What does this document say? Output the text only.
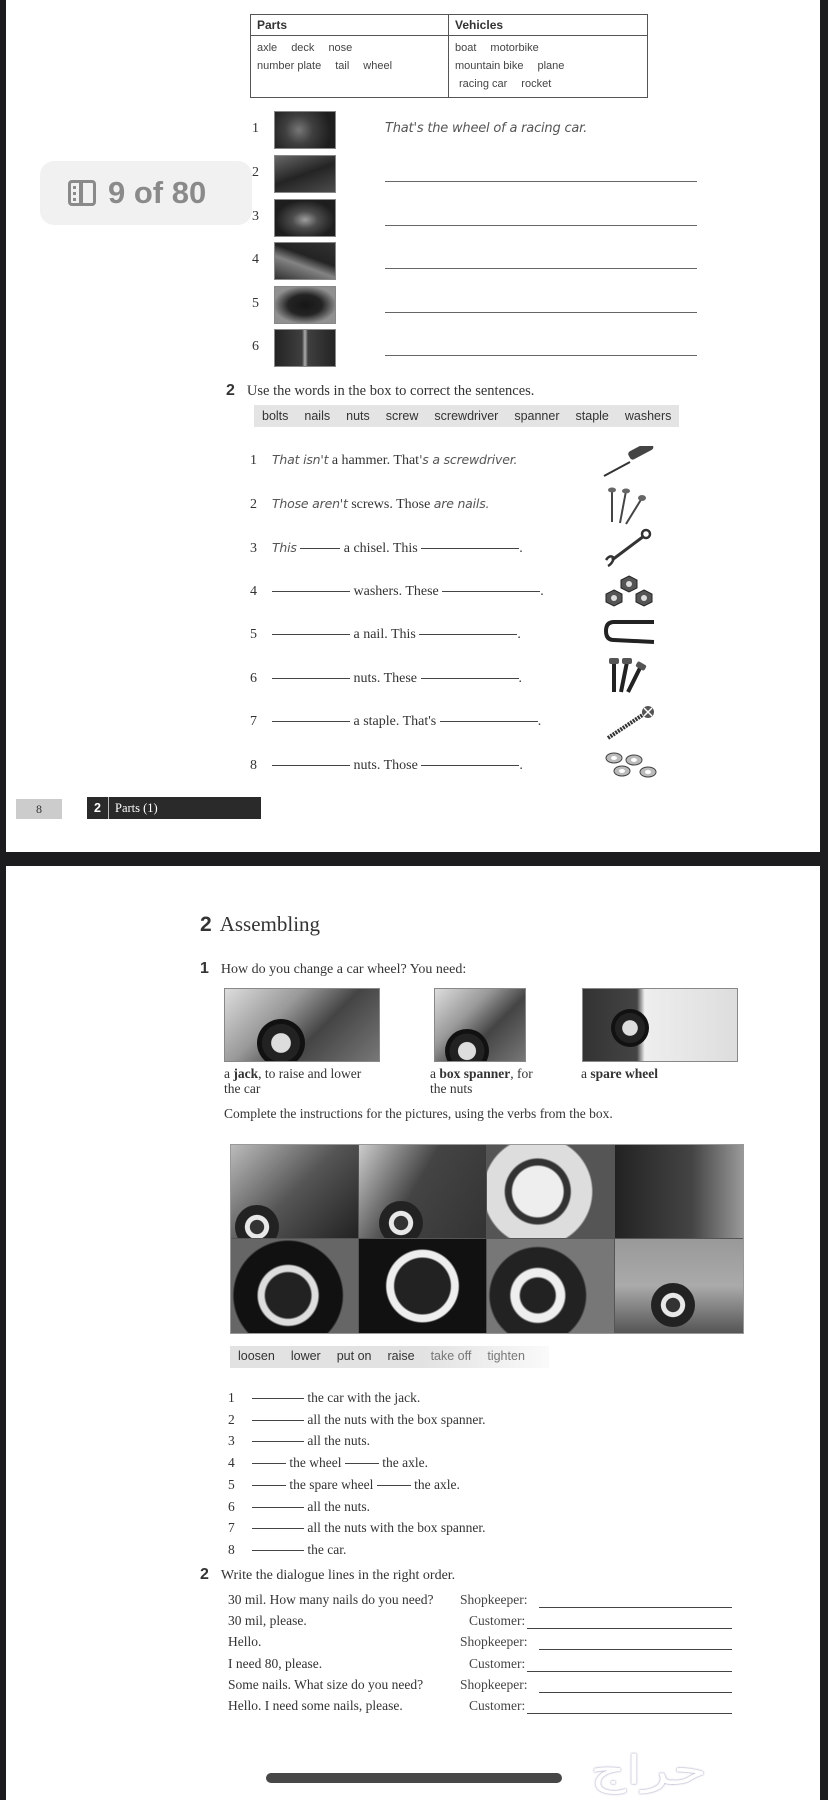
Parts
axle deck nose
number plate tail wheel
Vehicles
boat motorbike
mountain bike plane
racing car rocket
1	That's the wheel of a racing car.
2
3
4
5
6
2 Use the words in the box to correct the sentences.
bolts nails nuts screw screwdriver spanner staple washers
1 That isn't a hammer. That's a screwdriver.
2 Those aren't screws. Those are nails.
3 This	a chisel. This	.
4	washers. These	.
5	a nail. This	.
6	nuts. These	.
7	a staple. That's	.
8	nuts. Those	.
8	2	Parts (1)
9 of 80
2 Assembling
1 How do you change a car wheel? You need:
a jack, to raise and lower the car
a box spanner, for the nuts
a spare wheel
Complete the instructions for the pictures, using the verbs from the box.
loosen lower put on raise take off tighten
1	the car with the jack.
2	all the nuts with the box spanner.
3	all the nuts.
4	the wheel	the axle.
5	the spare wheel	the axle.
6	all the nuts.
7	all the nuts with the box spanner.
8	the car.
2 Write the dialogue lines in the right order.
30 mil. How many nails do you need? Shopkeeper:
30 mil, please.	Customer:
Hello.	Shopkeeper:
I need 80, please.	Customer:
Some nails. What size do you need?	Shopkeeper:
Hello. I need some nails, please.	Customer:
حراج
